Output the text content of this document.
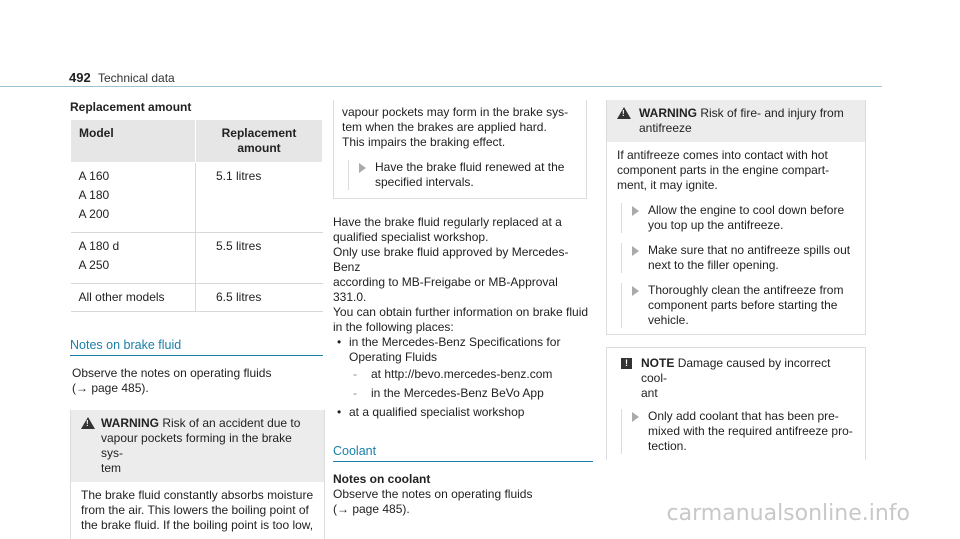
492 Technical data
Replacement amount
Model	Replacement amount

A 160
A 180
A 200	5.1 litres

A 180 d
A 250	5.5 litres
All other models	6.5 litres
Notes on brake fluid
Observe the notes on operating fluids
(→ page 485).
!
WARNING Risk of an accident due to
vapour pockets forming in the brake sys-
tem
The brake fluid constantly absorbs moisture
from the air. This lowers the boiling point of
the brake fluid. If the boiling point is too low,
vapour pockets may form in the brake sys-
tem when the brakes are applied hard.
This impairs the braking effect.
Have the brake fluid renewed at the
specified intervals.
Have the brake fluid regularly replaced at a
qualified specialist workshop.
Only use brake fluid approved by Mercedes-Benz
according to MB-Freigabe or MB-Approval 331.0.
You can obtain further information on brake fluid
in the following places:
• in the Mercedes-Benz Specifications for
Operating Fluids
- at http://bevo.mercedes-benz.com
- in the Mercedes-Benz BeVo App
• at a qualified specialist workshop
Coolant
Notes on coolant
Observe the notes on operating fluids
(→ page 485).
!
WARNING Risk of fire- and injury from
antifreeze
If antifreeze comes into contact with hot
component parts in the engine compart-
ment, it may ignite.
Allow the engine to cool down before
you top up the antifreeze.
Make sure that no antifreeze spills out
next to the filler opening.
Thoroughly clean the antifreeze from
component parts before starting the
vehicle.
!	NOTE Damage caused by incorrect cool-
ant
Only add coolant that has been pre-
mixed with the required antifreeze pro-
tection.
carmanualsonline.info
